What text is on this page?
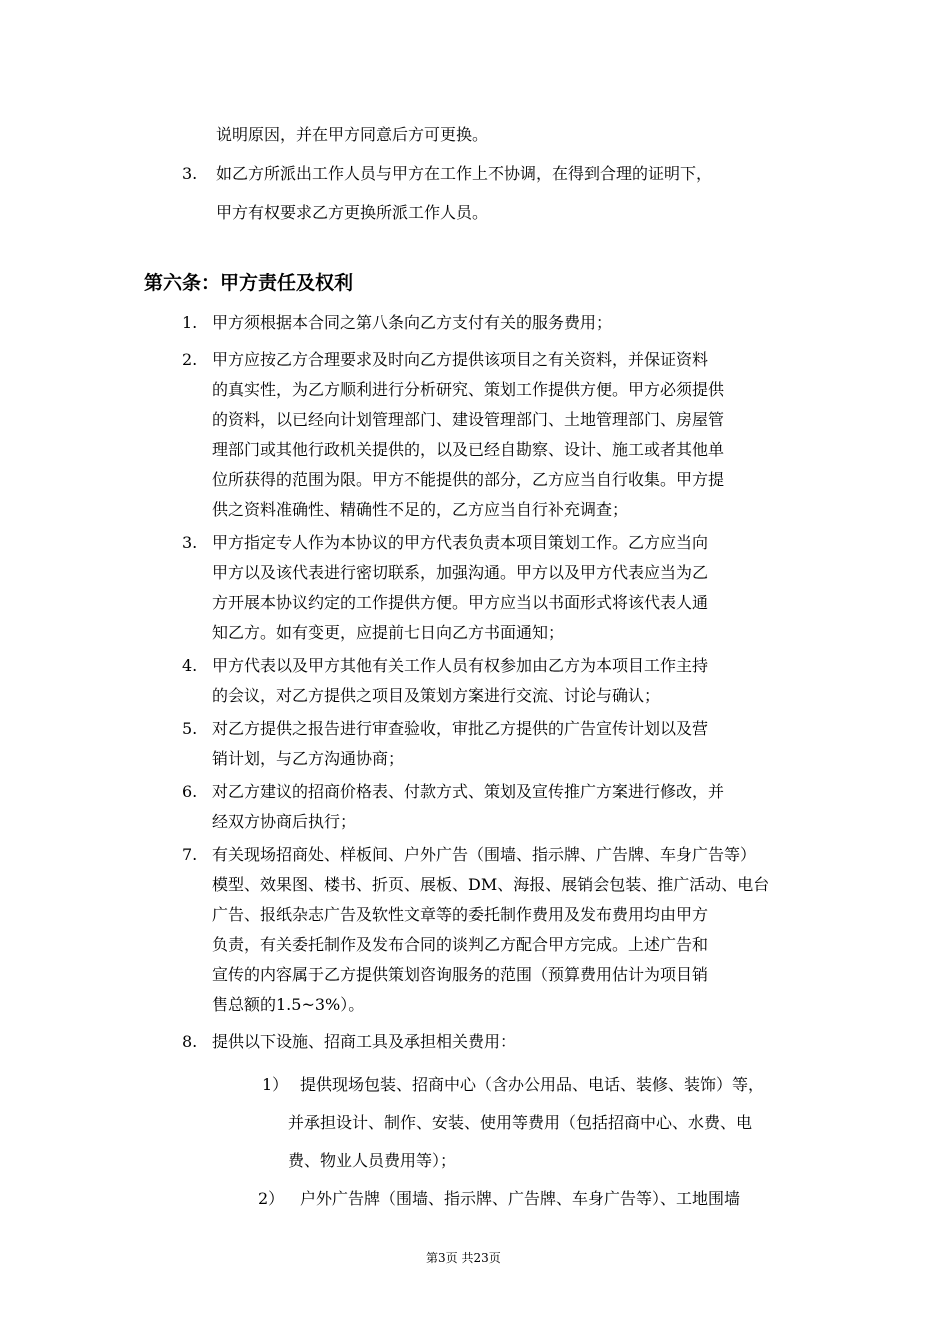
说明原因，并在甲方同意后方可更换。
3. 如乙方所派出工作人员与甲方在工作上不协调，在得到合理的证明下，
甲方有权要求乙方更换所派工作人员。
第六条：甲方责任及权利
1. 甲方须根据本合同之第八条向乙方支付有关的服务费用；
2. 甲方应按乙方合理要求及时向乙方提供该项目之有关资料，并保证资料
的真实性，为乙方顺利进行分析研究、策划工作提供方便。甲方必须提供
的资料，以已经向计划管理部门、建设管理部门、土地管理部门、房屋管
理部门或其他行政机关提供的，以及已经自勘察、设计、施工或者其他单
位所获得的范围为限。甲方不能提供的部分，乙方应当自行收集。甲方提
供之资料准确性、精确性不足的，乙方应当自行补充调查；
3. 甲方指定专人作为本协议的甲方代表负责本项目策划工作。乙方应当向
甲方以及该代表进行密切联系，加强沟通。甲方以及甲方代表应当为乙
方开展本协议约定的工作提供方便。甲方应当以书面形式将该代表人通
知乙方。如有变更，应提前七日向乙方书面通知；
4. 甲方代表以及甲方其他有关工作人员有权参加由乙方为本项目工作主持
的会议，对乙方提供之项目及策划方案进行交流、讨论与确认；
5. 对乙方提供之报告进行审查验收，审批乙方提供的广告宣传计划以及营
销计划，与乙方沟通协商；
6. 对乙方建议的招商价格表、付款方式、策划及宣传推广方案进行修改，并
经双方协商后执行；
7. 有关现场招商处、样板间、户外广告（围墙、指示牌、广告牌、车身广告等）
模型、效果图、楼书、折页、展板、DM、海报、展销会包装、推广活动、电台
广告、报纸杂志广告及软性文章等的委托制作费用及发布费用均由甲方
负责，有关委托制作及发布合同的谈判乙方配合甲方完成。上述广告和
宣传的内容属于乙方提供策划咨询服务的范围（预算费用估计为项目销
售总额的1.5~3%）。
8. 提供以下设施、招商工具及承担相关费用：
1） 提供现场包装、招商中心（含办公用品、电话、装修、装饰）等，
并承担设计、制作、安装、使用等费用（包括招商中心、水费、电
费、物业人员费用等）；
2） 户外广告牌（围墙、指示牌、广告牌、车身广告等）、工地围墙
第3页 共23页
